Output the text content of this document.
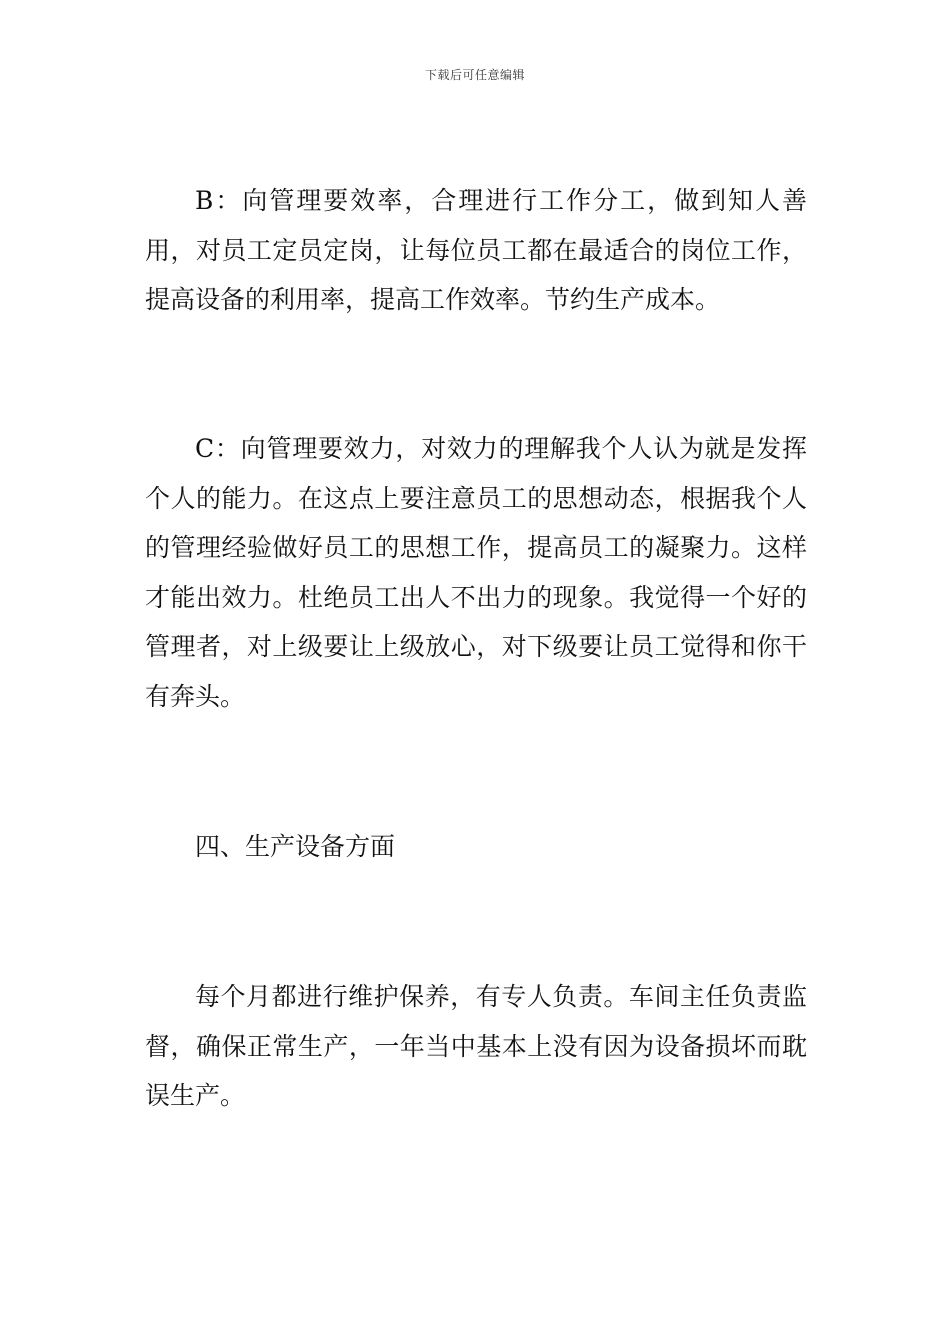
下载后可任意编辑

B：向管理要效率，合理进行工作分工，做到知人善用，对员工定员定岗，让每位员工都在最适合的岗位工作，提高设备的利用率，提高工作效率。节约生产成本。

C：向管理要效力，对效力的理解我个人认为就是发挥个人的能力。在这点上要注意员工的思想动态，根据我个人的管理经验做好员工的思想工作，提高员工的凝聚力。这样才能出效力。杜绝员工出人不出力的现象。我觉得一个好的管理者，对上级要让上级放心，对下级要让员工觉得和你干有奔头。

四、生产设备方面

每个月都进行维护保养，有专人负责。车间主任负责监督，确保正常生产，一年当中基本上没有因为设备损坏而耽误生产。
